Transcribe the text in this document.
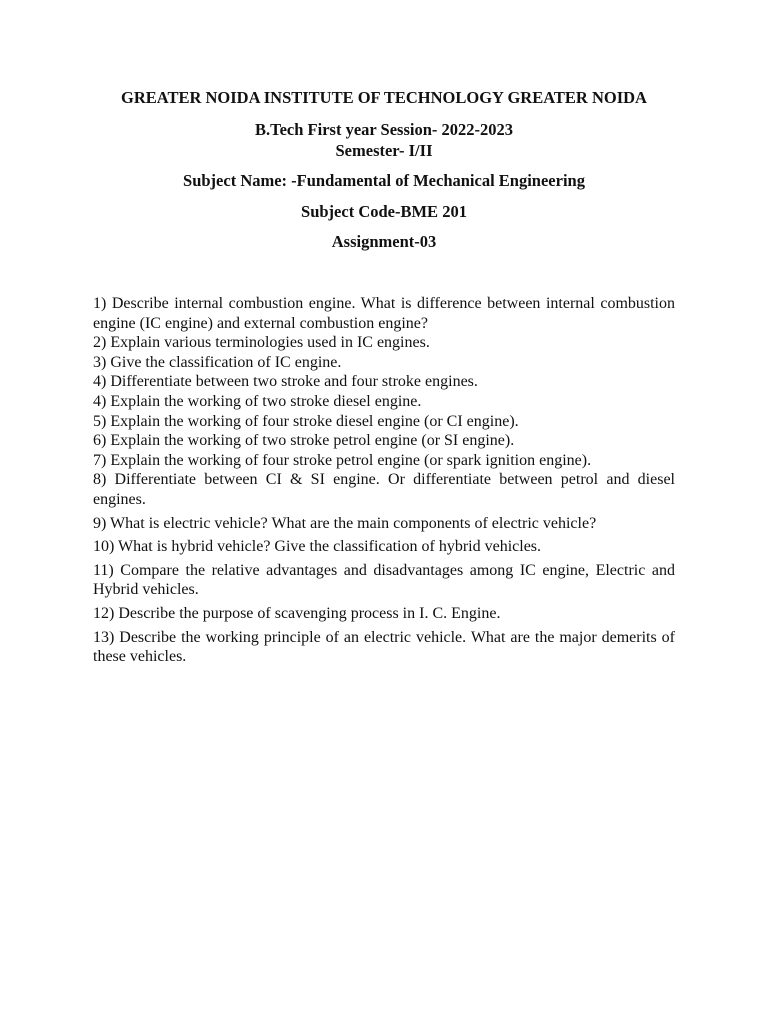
GREATER NOIDA INSTITUTE OF TECHNOLOGY GREATER NOIDA

B.Tech First year Session- 2022-2023

Semester- I/II

Subject Name: -Fundamental of Mechanical Engineering

Subject Code-BME 201

Assignment-03

1) Describe internal combustion engine. What is difference between internal combustion engine (IC engine) and external combustion engine?

2) Explain various terminologies used in IC engines.

3) Give the classification of IC engine.

4) Differentiate between two stroke and four stroke engines.

4) Explain the working of two stroke diesel engine.

5) Explain the working of four stroke diesel engine (or CI engine).

6) Explain the working of two stroke petrol engine (or SI engine).

7) Explain the working of four stroke petrol engine (or spark ignition engine).

8) Differentiate between CI & SI engine. Or differentiate between petrol and diesel engines.

9) What is electric vehicle? What are the main components of electric vehicle?

10) What is hybrid vehicle? Give the classification of hybrid vehicles.

11) Compare the relative advantages and disadvantages among IC engine, Electric and Hybrid vehicles.

12) Describe the purpose of scavenging process in I. C. Engine.

13) Describe the working principle of an electric vehicle. What are the major demerits of these vehicles.
